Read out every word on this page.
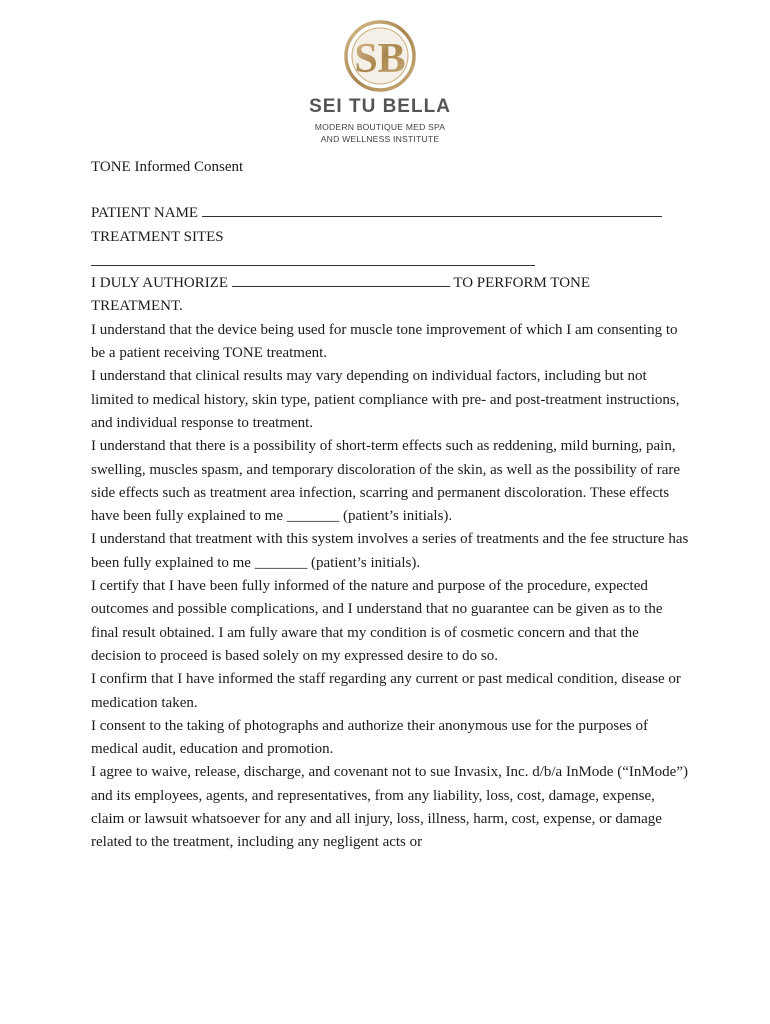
SB
SEI TU BELLA
MODERN BOUTIQUE MED SPA
AND WELLNESS INSTITUTE

TONE Informed Consent

PATIENT NAME

TREATMENT SITES

I DULY AUTHORIZE	TO PERFORM TONE

TREATMENT.

I understand that the device being used for muscle tone improvement of which I am consenting to be a patient receiving TONE treatment.

I understand that clinical results may vary depending on individual factors, including but not limited to medical history, skin type, patient compliance with pre- and post-treatment instructions, and individual response to treatment.

I understand that there is a possibility of short-term effects such as reddening, mild burning, pain, swelling, muscles spasm, and temporary discoloration of the skin, as well as the possibility of rare side effects such as treatment area infection, scarring and permanent discoloration. These effects have been fully explained to me _______ (patient’s initials).

I understand that treatment with this system involves a series of treatments and the fee structure has been fully explained to me _______ (patient’s initials).

I certify that I have been fully informed of the nature and purpose of the procedure, expected outcomes and possible complications, and I understand that no guarantee can be given as to the final result obtained. I am fully aware that my condition is of cosmetic concern and that the decision to proceed is based solely on my expressed desire to do so.

I confirm that I have informed the staff regarding any current or past medical condition, disease or medication taken.

I consent to the taking of photographs and authorize their anonymous use for the purposes of medical audit, education and promotion.

I agree to waive, release, discharge, and covenant not to sue Invasix, Inc. d/b/a InMode (“InMode”) and its employees, agents, and representatives, from any liability, loss, cost, damage, expense, claim or lawsuit whatsoever for any and all injury, loss, illness, harm, cost, expense, or damage related to the treatment, including any negligent acts or
